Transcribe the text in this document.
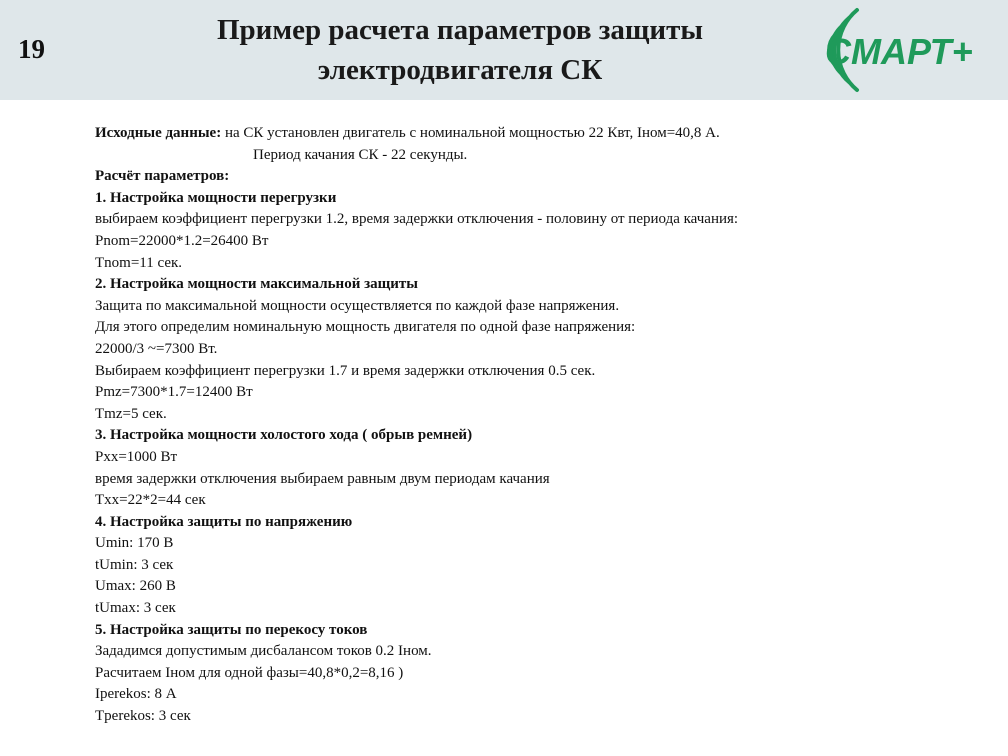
19
Пример расчета параметров защиты
электродвигателя СК	СМАРТ+
Исходные данные: на СК установлен двигатель с номинальной мощностью 22 Квт, Iном=40,8 А.
Период качания СК - 22 секунды.
Расчёт параметров:
1. Настройка мощности перегрузки
выбираем коэффициент перегрузки 1.2, время задержки отключения - половину от периода качания:
Pnom=22000*1.2=26400 Вт
Tnom=11 сек.
2. Настройка мощности максимальной защиты
Защита по максимальной мощности осуществляется по каждой фазе напряжения.
Для этого определим номинальную мощность двигателя по одной фазе напряжения:
22000/3 ~=7300 Вт.
Выбираем коэффициент перегрузки 1.7 и время задержки отключения 0.5 сек.
Pmz=7300*1.7=12400 Вт
Tmz=5 сек.
3. Настройка мощности холостого хода ( обрыв ремней)
Pxx=1000 Вт
время задержки отключения выбираем равным двум периодам качания
Txx=22*2=44 сек
4. Настройка защиты по напряжению
Umin: 170 В
tUmin: 3 сек
Umax: 260 В
tUmax: 3 сек
5. Настройка защиты по перекосу токов
Зададимся допустимым дисбалансом токов 0.2 Iном.
Расчитаем Iном для одной фазы=40,8*0,2=8,16 )
Iperekos: 8 А
Tperekos: 3 сек
